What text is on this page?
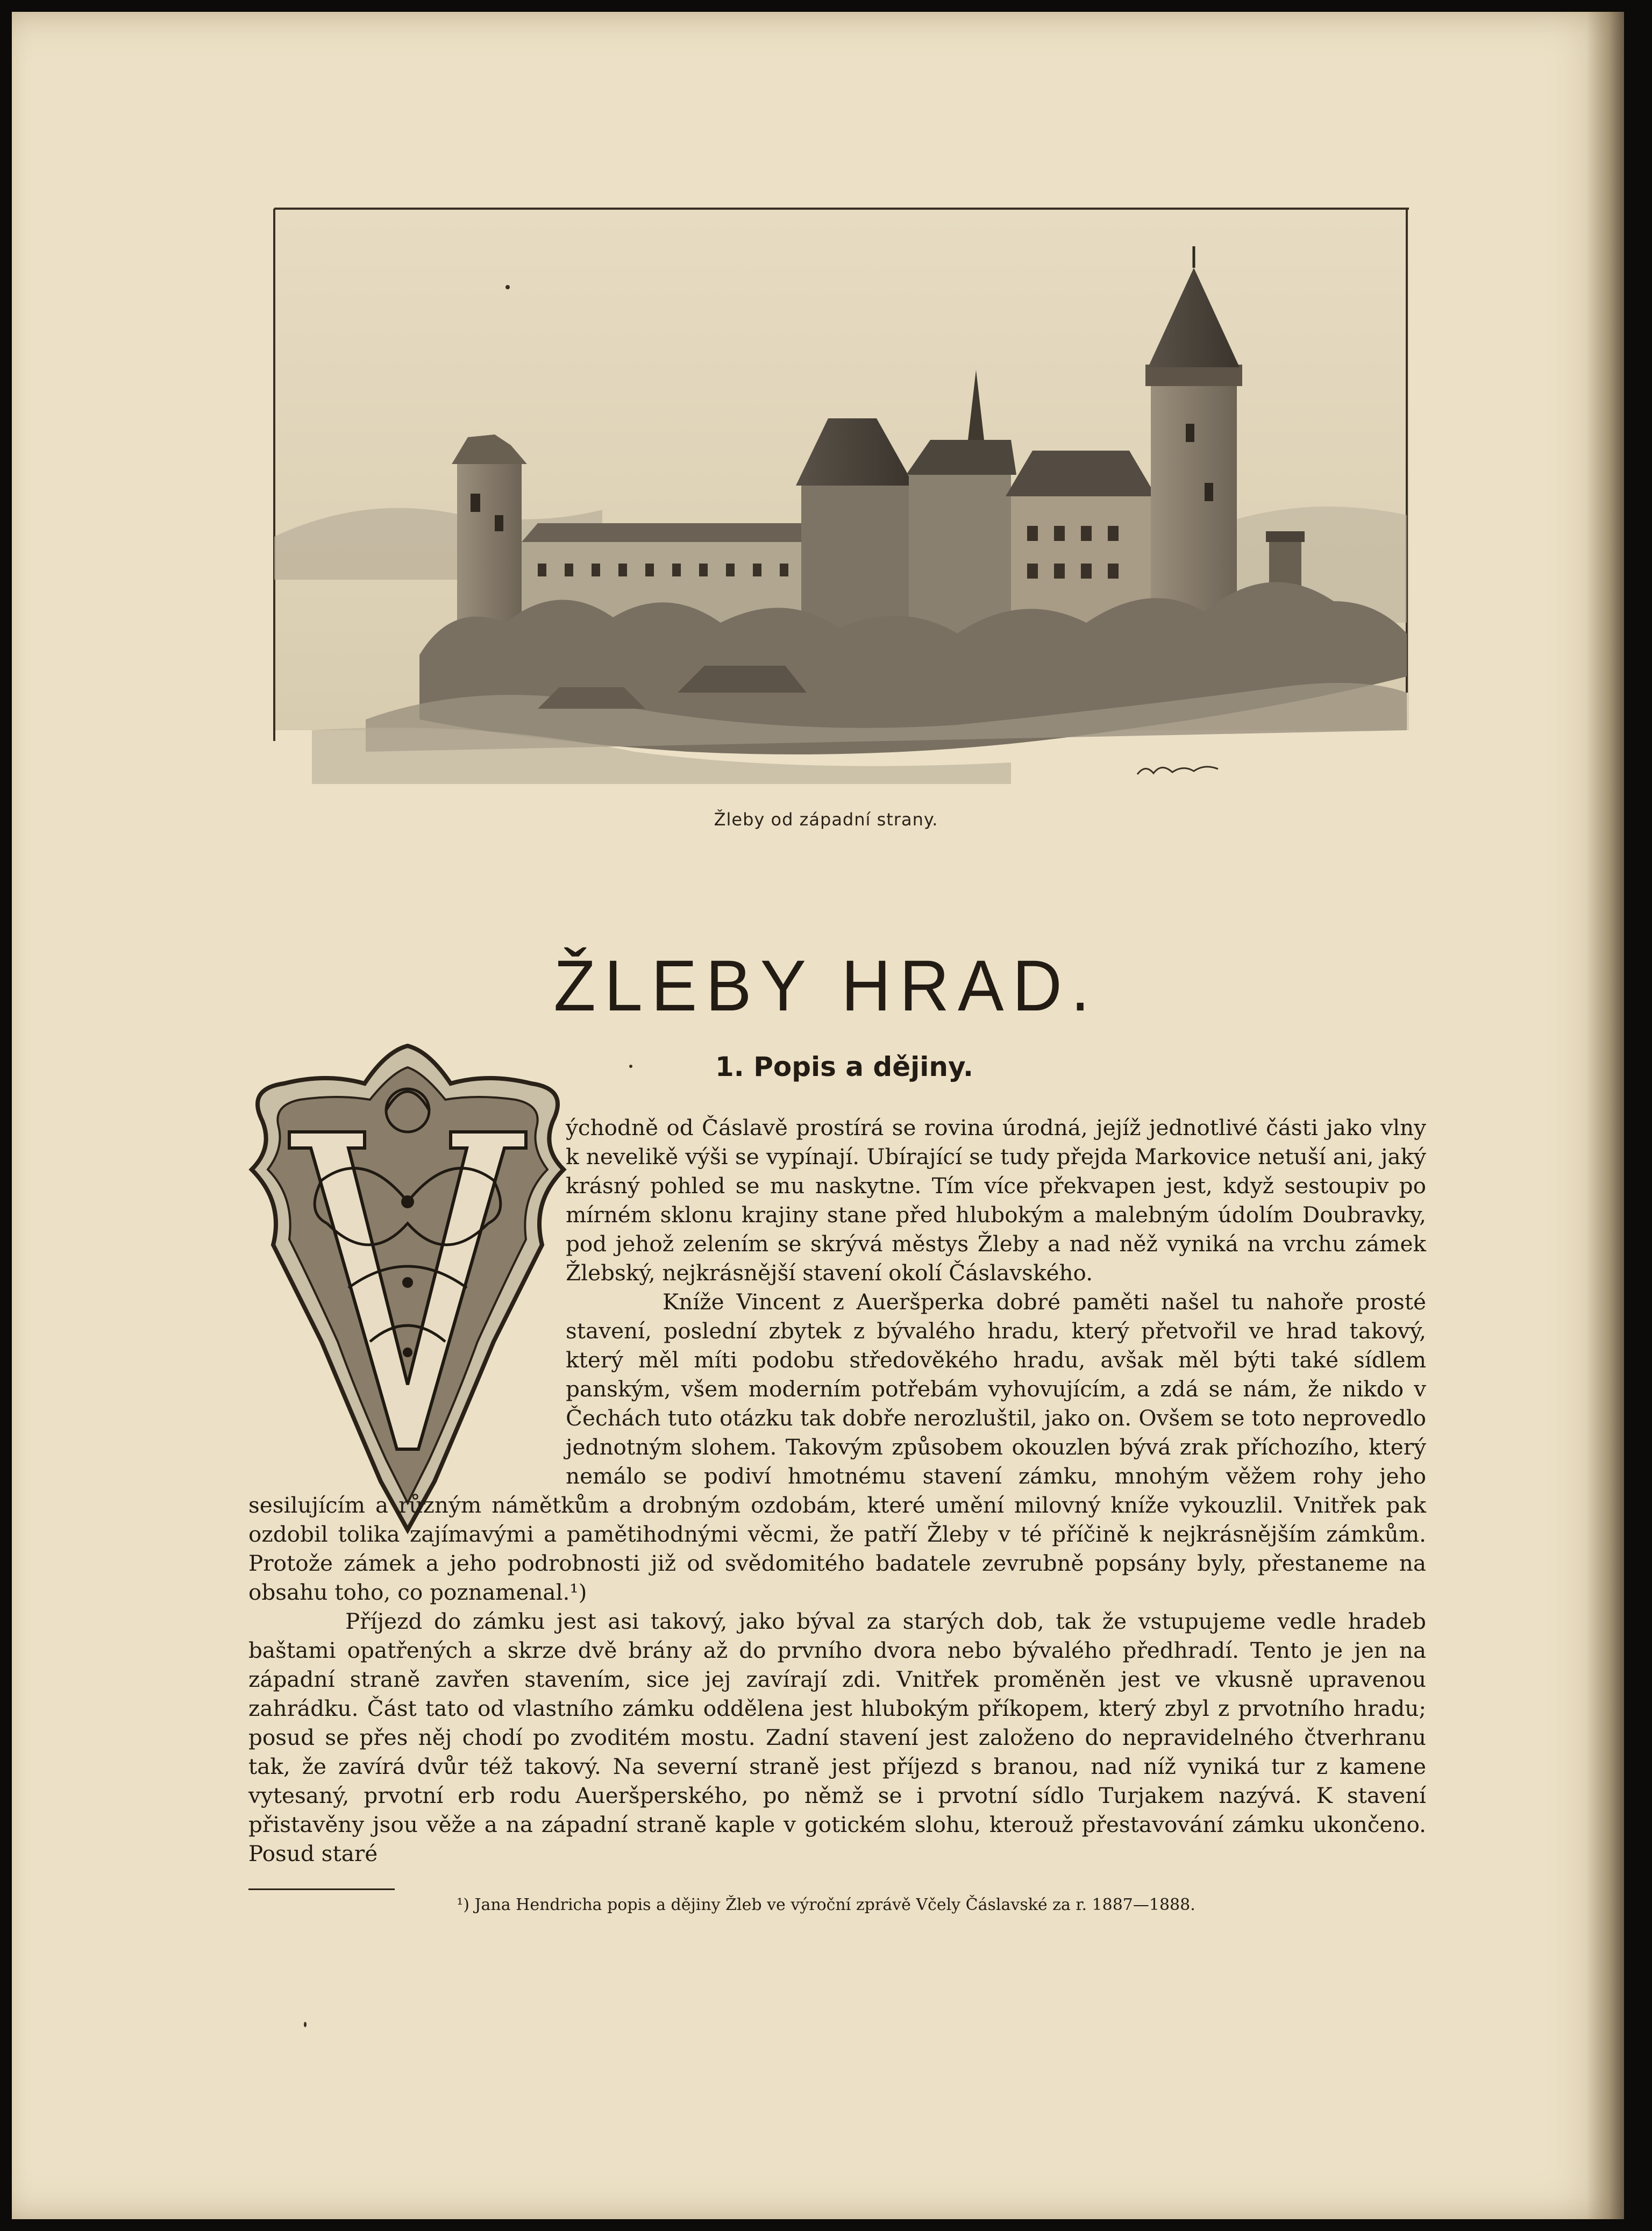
Žleby od západní strany.
ŽLEBY HRAD.
1. Popis a dějiny.

ýchodně od Čáslavě prostírá se rovina úrodná, jejíž jednotlivé části jako vlny k nevelikě výši se vypínají. Ubírající se tudy přejda Markovice netuší ani, jaký krásný pohled se mu naskytne. Tím více překvapen jest, když sestoupiv po mírném sklonu krajiny stane před hlubokým a malebným údolím Doubravky, pod jehož zelením se skrývá městys Žleby a nad něž vyniká na vrchu zámek Žlebský, nejkrásnější stavení okolí Čáslavského.

Kníže Vincent z Aueršperka dobré paměti našel tu nahoře prosté stavení, poslední zbytek z bývalého hradu, který přetvořil ve hrad takový, který měl míti podobu středověkého hradu, avšak měl býti také sídlem panským, všem moderním potřebám vyhovujícím, a zdá se nám, že nikdo v Čechách tuto otázku tak dobře nerozluštil, jako on. Ovšem se toto neprovedlo jednotným slohem. Takovým způsobem okouzlen bývá zrak příchozího, který nemálo se podiví hmotnému stavení zámku, mnohým věžem rohy jeho sesilujícím a různým námětkům a drobným ozdobám, které umění milovný kníže vykouzlil. Vnitřek pak ozdobil tolika zajímavými a pamětihodnými věcmi, že patří Žleby v té příčině k nejkrásnějším zámkům. Protože zámek a jeho podrobnosti již od svědomitého badatele zevrubně popsány byly, přestaneme na obsahu toho, co poznamenal.¹)

Příjezd do zámku jest asi takový, jako býval za starých dob, tak že vstupujeme vedle hradeb baštami opatřených a skrze dvě brány až do prvního dvora nebo bývalého předhradí. Tento je jen na západní straně zavřen stavením, sice jej zavírají zdi. Vnitřek proměněn jest ve vkusně upravenou zahrádku. Část tato od vlastního zámku oddělena jest hlubokým příkopem, který zbyl z prvotního hradu; posud se přes něj chodí po zvoditém mostu. Zadní stavení jest založeno do nepravidelného čtverhranu tak, že zavírá dvůr též takový. Na severní straně jest příjezd s branou, nad níž vyniká tur z kamene vytesaný, prvotní erb rodu Aueršperského, po němž se i prvotní sídlo Turjakem nazývá. K stavení přistavěny jsou věže a na západní straně kaple v gotickém slohu, kterouž přestavování zámku ukončeno. Posud staré

¹) Jana Hendricha popis a dějiny Žleb ve výroční zprávě Včely Čáslavské za r. 1887—1888.
